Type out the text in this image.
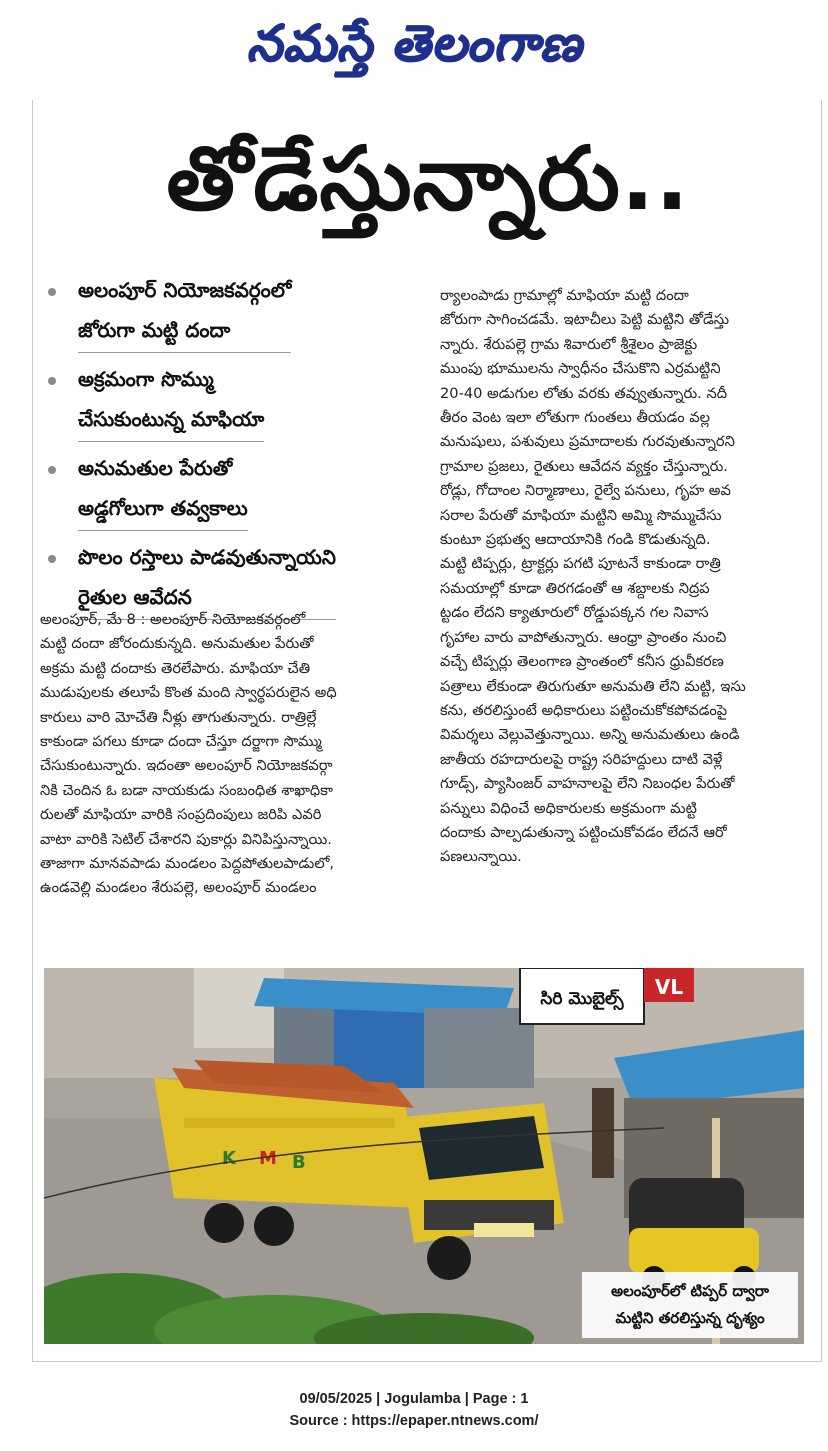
నమస్తే తెలంగాణ
తోడేస్తున్నారు..
అలంపూర్ నియోజకవర్గంలో
జోరుగా మట్టి దందా
అక్రమంగా సొమ్ము
చేసుకుంటున్న మాఫియా
అనుమతుల పేరుతో
అడ్డగోలుగా తవ్వకాలు
పొలం రస్తాలు పాడవుతున్నాయని
రైతుల ఆవేదన
అలంపూర్, మే 8 : అలంపూర్ నియోజకవర్గంలో
మట్టి దందా జోరందుకున్నది. అనుమతుల పేరుతో
అక్రమ మట్టి దందాకు తెరలేపారు. మాఫియా చేతి
ముడుపులకు తలూపే కొంత మంది స్వార్థపరులైన అధి
కారులు వారి మోచేతి నీళ్లు తాగుతున్నారు. రాత్రిల్లే
కాకుండా పగలు కూడా దందా చేస్తూ దర్జాగా సొమ్ము
చేసుకుంటున్నారు. ఇదంతా అలంపూర్ నియోజకవర్గా
నికి చెందిన ఓ బడా నాయకుడు సంబంధిత శాఖాధికా
రులతో మాఫియా వారికి సంప్రదింపులు జరిపి ఎవరి
వాటా వారికి సెటిల్ చేశారని పుకార్లు వినిపిస్తున్నాయి.
తాజాగా మానవపాడు మండలం పెద్దపోతులపాడులో,
ఉండవెల్లి మండలం శేరుపల్లె, అలంపూర్ మండలం
ర్యాలంపాడు గ్రామాల్లో మాఫియా మట్టి దందా
జోరుగా సాగించడమే. ఇటాచీలు పెట్టి మట్టిని తోడేస్తు
న్నారు. శేరుపల్లె గ్రామ శివారులో శ్రీశైలం ప్రాజెక్టు
ముంపు భూములను స్వాధీనం చేసుకొని ఎర్రమట్టిని
20-40 అడుగుల లోతు వరకు తవ్వుతున్నారు. నదీ
తీరం వెంట ఇలా లోతుగా గుంతలు తీయడం వల్ల
మనుషులు, పశువులు ప్రమాదాలకు గురవుతున్నారని
గ్రామాల ప్రజలు, రైతులు ఆవేదన వ్యక్తం చేస్తున్నారు.
రోడ్లు, గోదాంల నిర్మాణాలు, రైల్వే పనులు, గృహ అవ
సరాల పేరుతో మాఫియా మట్టిని అమ్మి సొమ్ముచేసు
కుంటూ ప్రభుత్వ ఆదాయానికి గండి కొడుతున్నది.
మట్టి టిప్పర్లు, ట్రాక్టర్లు పగటి పూటనే కాకుండా రాత్రి
సమయాల్లో కూడా తిరగడంతో ఆ శబ్దాలకు నిద్రప
ట్టడం లేదని క్యాతూరులో రోడ్డుపక్కన గల నివాస
గృహాల వారు వాపోతున్నారు. ఆంధ్రా ప్రాంతం నుంచి
వచ్చే టిప్పర్లు తెలంగాణ ప్రాంతంలో కనీస ధ్రువీకరణ
పత్రాలు లేకుండా తిరుగుతూ అనుమతి లేని మట్టి, ఇసు
కను, తరలిస్తుంటే అధికారులు పట్టించుకోకపోవడంపై
విమర్శలు వెల్లువెత్తున్నాయి. అన్ని అనుమతులు ఉండి
జాతీయ రహదారులపై రాష్ట్ర సరిహద్దులు దాటి వెళ్లే
గూడ్స్, ప్యాసింజర్ వాహనాలపై లేని నిబంధల పేరుతో
పన్నులు విధించే అధికారులకు అక్రమంగా మట్టి
దందాకు పాల్పడుతున్నా పట్టించుకోవడం లేదనే ఆరో
పణలున్నాయి.
సిరి మొబైల్స్ VL
K M B
అలంపూర్‌లో టిప్పర్ ద్వారా
మట్టిని తరలిస్తున్న దృశ్యం
09/05/2025 | Jogulamba | Page : 1
Source : https://epaper.ntnews.com/
